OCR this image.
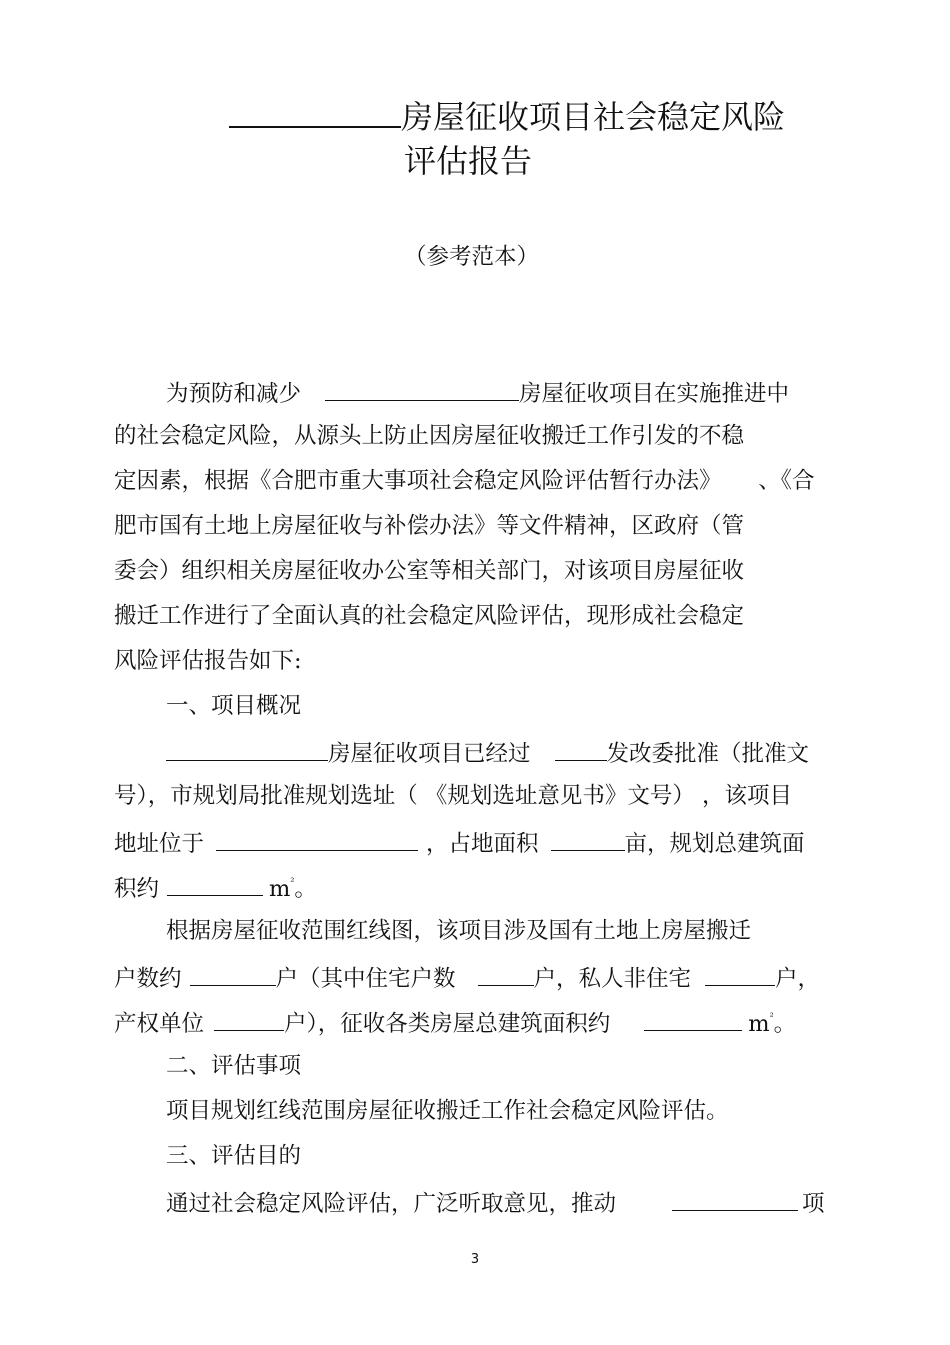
房屋征收项目社会稳定风险
评估报告
（参考范本）
为预防和减少	房屋征收项目在实施推进中
的社会稳定风险，从源头上防止因房屋征收搬迁工作引发的不稳
定因素，根据《合肥市重大事项社会稳定风险评估暂行办法》 、《合
肥市国有土地上房屋征收与补偿办法》等文件精神，区政府（管
委会）组织相关房屋征收办公室等相关部门，对该项目房屋征收
搬迁工作进行了全面认真的社会稳定风险评估，现形成社会稳定
风险评估报告如下:
一、项目概况
房屋征收项目已经过	发改委批准（批准文
号），市规划局批准规划选址（ 《规划选址意见书》文号） ，该项目
地址位于	，占地面积	亩，规划总建筑面
积约	$m^{^2}$。
根据房屋征收范围红线图，该项目涉及国有土地上房屋搬迁
户数约	户（其中住宅户数	户，私人非住宅	户，
产权单位	户），征收各类房屋总建筑面积约	$m^{^2}$。
二、评估事项
项目规划红线范围房屋征收搬迁工作社会稳定风险评估。
三、评估目的
通过社会稳定风险评估，广泛听取意见，推动	项
3
